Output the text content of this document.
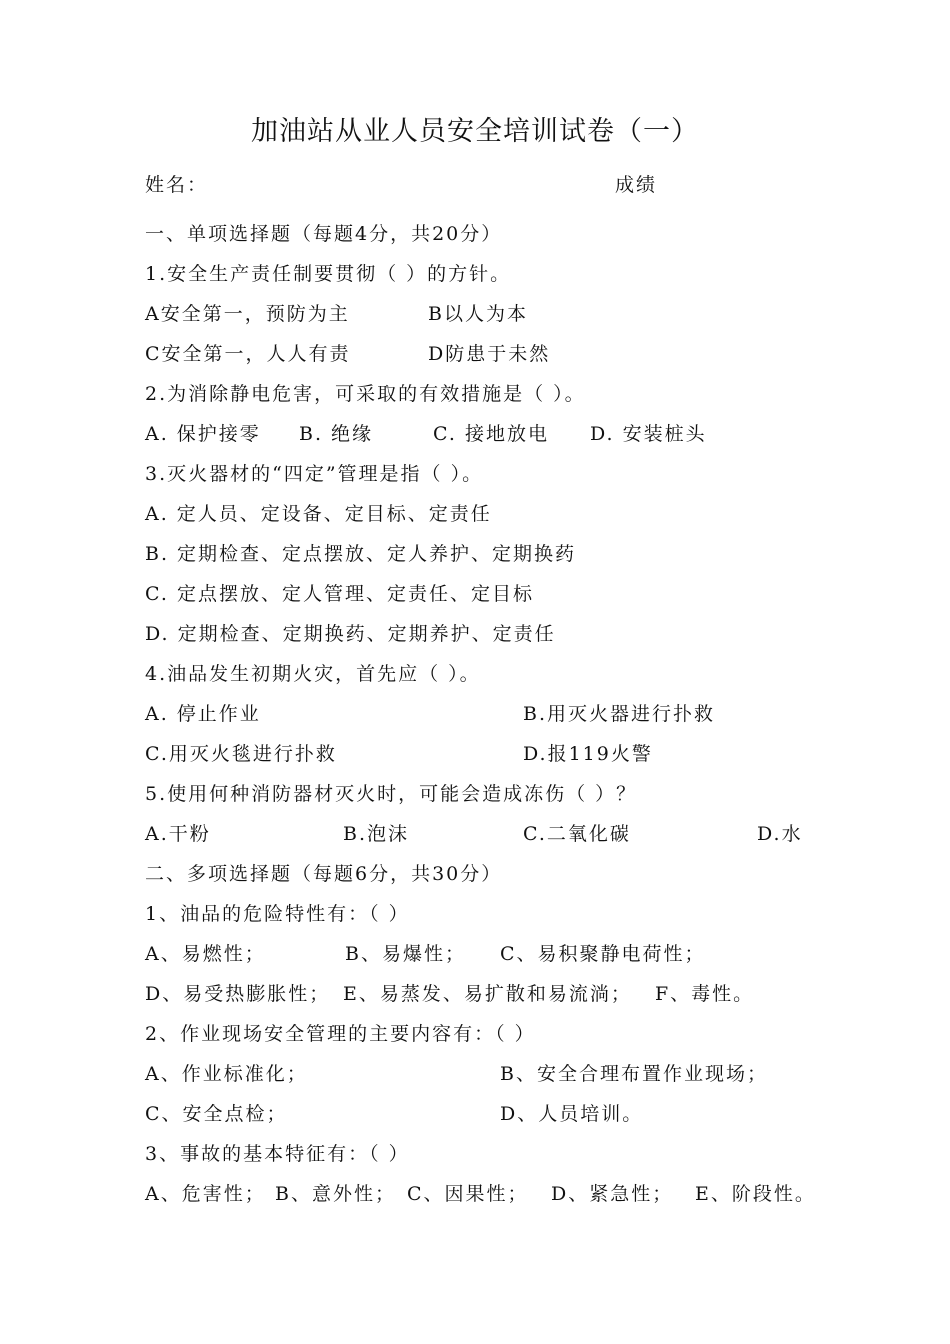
加油站从业人员安全培训试卷（一）
姓名：	成绩
一、单项选择题（每题4分，共20分）
1.安全生产责任制要贯彻（ ）的方针。
A安全第一，预防为主	B以人为本
C安全第一，人人有责	D防患于未然
2.为消除静电危害，可采取的有效措施是（ ）。
A. 保护接零 B. 绝缘	C. 接地放电 D. 安装桩头
3.灭火器材的“四定”管理是指（ ）。
A. 定人员、定设备、定目标、定责任
B. 定期检查、定点摆放、定人养护、定期换药
C. 定点摆放、定人管理、定责任、定目标
D. 定期检查、定期换药、定期养护、定责任
4.油品发生初期火灾，首先应（ ）。
A. 停止作业	B.用灭火器进行扑救
C.用灭火毯进行扑救	D.报119火警
5.使用何种消防器材灭火时，可能会造成冻伤（ ）？
A.干粉	B.泡沫	C.二氧化碳	D.水
二、多项选择题（每题6分，共30分）
1、油品的危险特性有：（ ）
A、易燃性；	B、易爆性； C、易积聚静电荷性；
D、易受热膨胀性； E、易蒸发、易扩散和易流淌； F、毒性。
2、作业现场安全管理的主要内容有：（ ）
A、作业标准化；	B、安全合理布置作业现场；
C、安全点检；	D、人员培训。
3、事故的基本特征有：（ ）
A、危害性； B、意外性； C、因果性； D、紧急性； E、阶段性。
